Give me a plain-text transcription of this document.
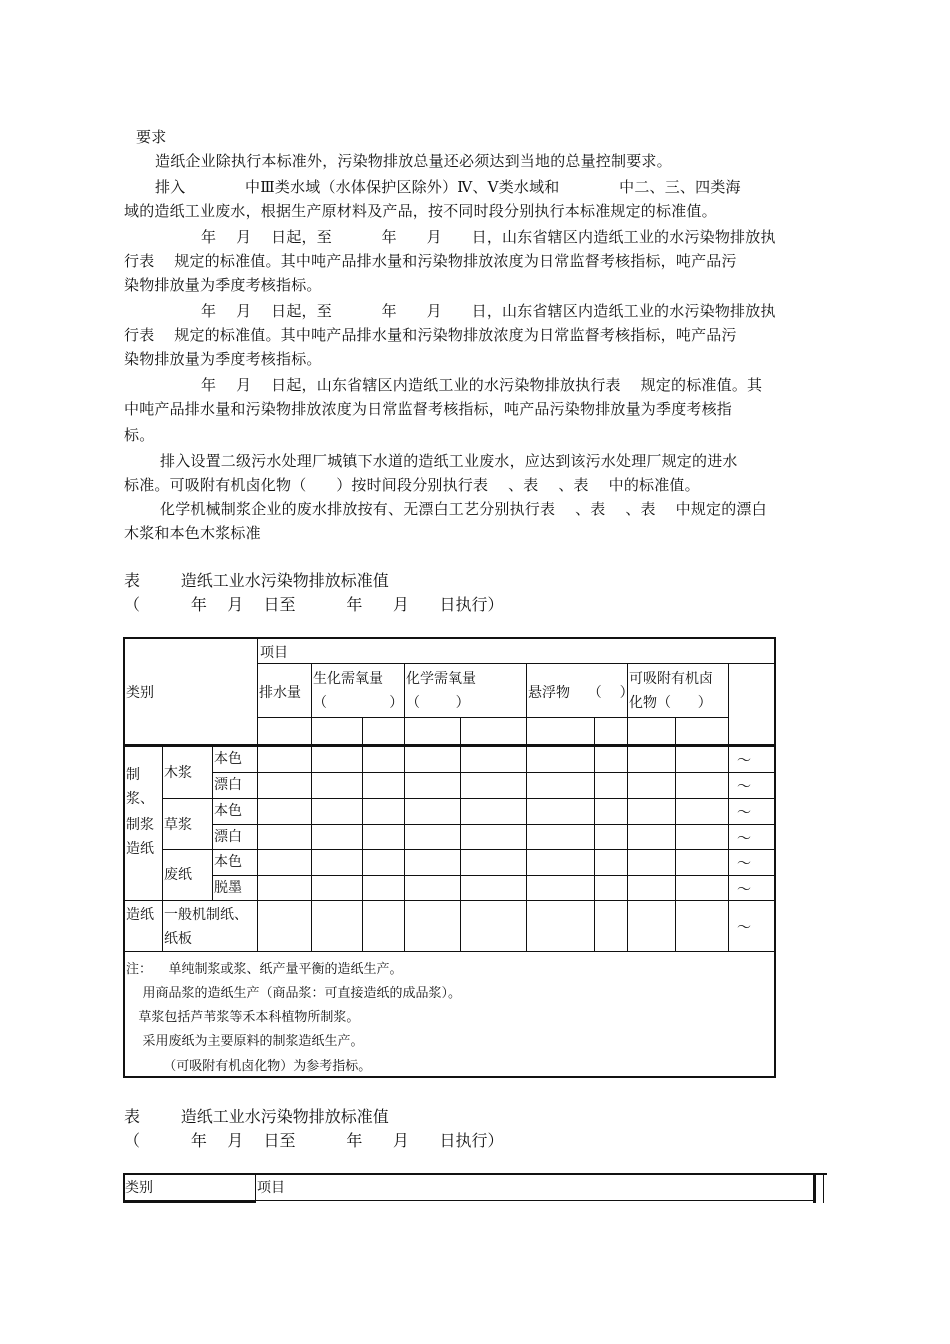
要求
造纸企业除执行本标准外，污染物排放总量还必须达到当地的总量控制要求。
排入            中Ⅲ类水域（水体保护区除外）Ⅳ、Ⅴ类水域和            中二、三、四类海
域的造纸工业废水，根据生产原材料及产品，按不同时段分别执行本标准规定的标准值。
年    月    日起，至          年      月      日，山东省辖区内造纸工业的水污染物排放执
行表    规定的标准值。其中吨产品排水量和污染物排放浓度为日常监督考核指标，吨产品污
染物排放量为季度考核指标。
年    月    日起，至          年      月      日，山东省辖区内造纸工业的水污染物排放执
行表    规定的标准值。其中吨产品排水量和污染物排放浓度为日常监督考核指标，吨产品污
染物排放量为季度考核指标。
年    月    日起，山东省辖区内造纸工业的水污染物排放执行表    规定的标准值。其
中吨产品排水量和污染物排放浓度为日常监督考核指标，吨产品污染物排放量为季度考核指
标。
排入设置二级污水处理厂城镇下水道的造纸工业废水，应达到该污水处理厂规定的进水
标准。可吸附有机卤化物（      ）按时间段分别执行表    、表    、表    中的标准值。
化学机械制浆企业的废水排放按有、无漂白工艺分别执行表    、表    、表    中规定的漂白
木浆和本色木浆标准
表        造纸工业水污染物排放标准值
（          年    月    日至          年      月      日执行）
项目
类别	排水量
生化需氧量
（              ）
化学需氧量
（        ）
悬浮物    （    ）
可吸附有机卤
化物（      ）
制
浆、
制浆
造纸
木浆
草浆
废纸
本色
漂白
本色
漂白
本色
脱墨
造纸 一般机制纸、
纸板
～
～
～
～
～
～
～
注：    单纯制浆或浆、纸产量平衡的造纸生产。
用商品浆的造纸生产（商品浆：可直接造纸的成品浆）。
草浆包括芦苇浆等禾本科植物所制浆。
采用废纸为主要原料的制浆造纸生产。
（可吸附有机卤化物）为参考指标。
表        造纸工业水污染物排放标准值
（          年    月    日至          年      月      日执行）
类别	项目
